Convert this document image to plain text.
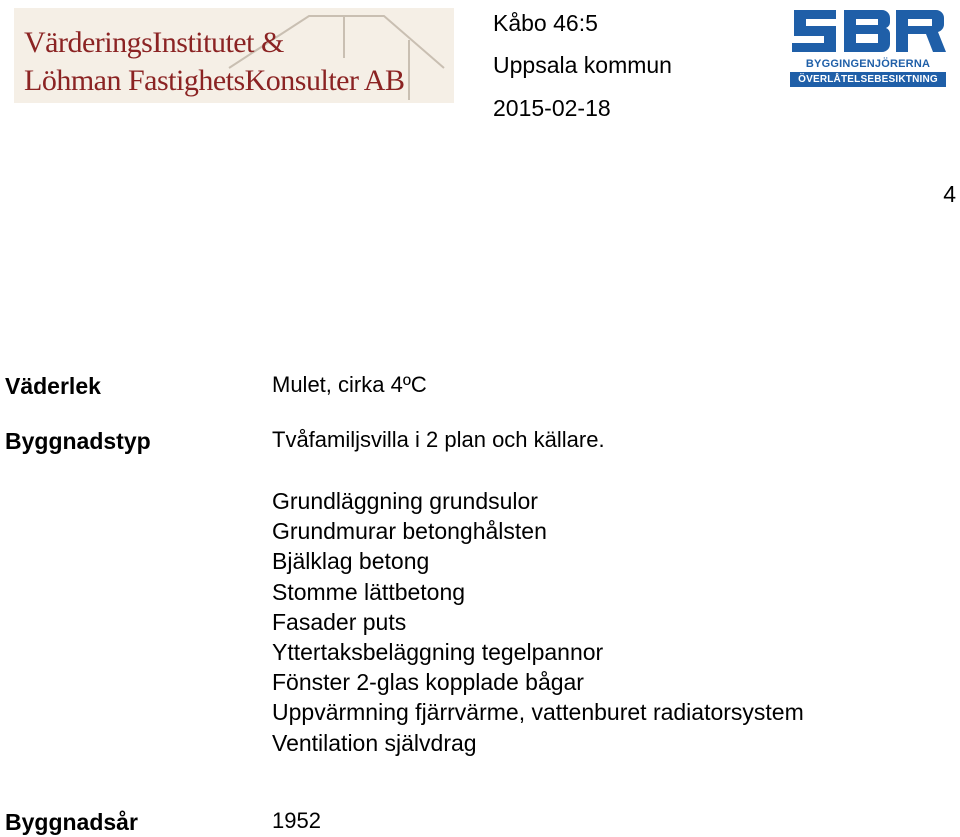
VärderingsInstitutet &
Löhman FastighetsKonsulter AB
Kåbo 46:5
Uppsala kommun
2015-02-18
BYGGINGENJÖRERNA
ÖVERLÅTELSEBESIKTNING
4
Väderlek	Mulet, cirka 4ºC
Byggnadstyp	Tvåfamiljsvilla i 2 plan och källare.
Grundläggning grundsulor
Grundmurar betonghålsten
Bjälklag betong
Stomme lättbetong
Fasader puts
Yttertaksbeläggning tegelpannor
Fönster 2-glas kopplade bågar
Uppvärmning fjärrvärme, vattenburet radiatorsystem
Ventilation självdrag
Byggnadsår	1952
